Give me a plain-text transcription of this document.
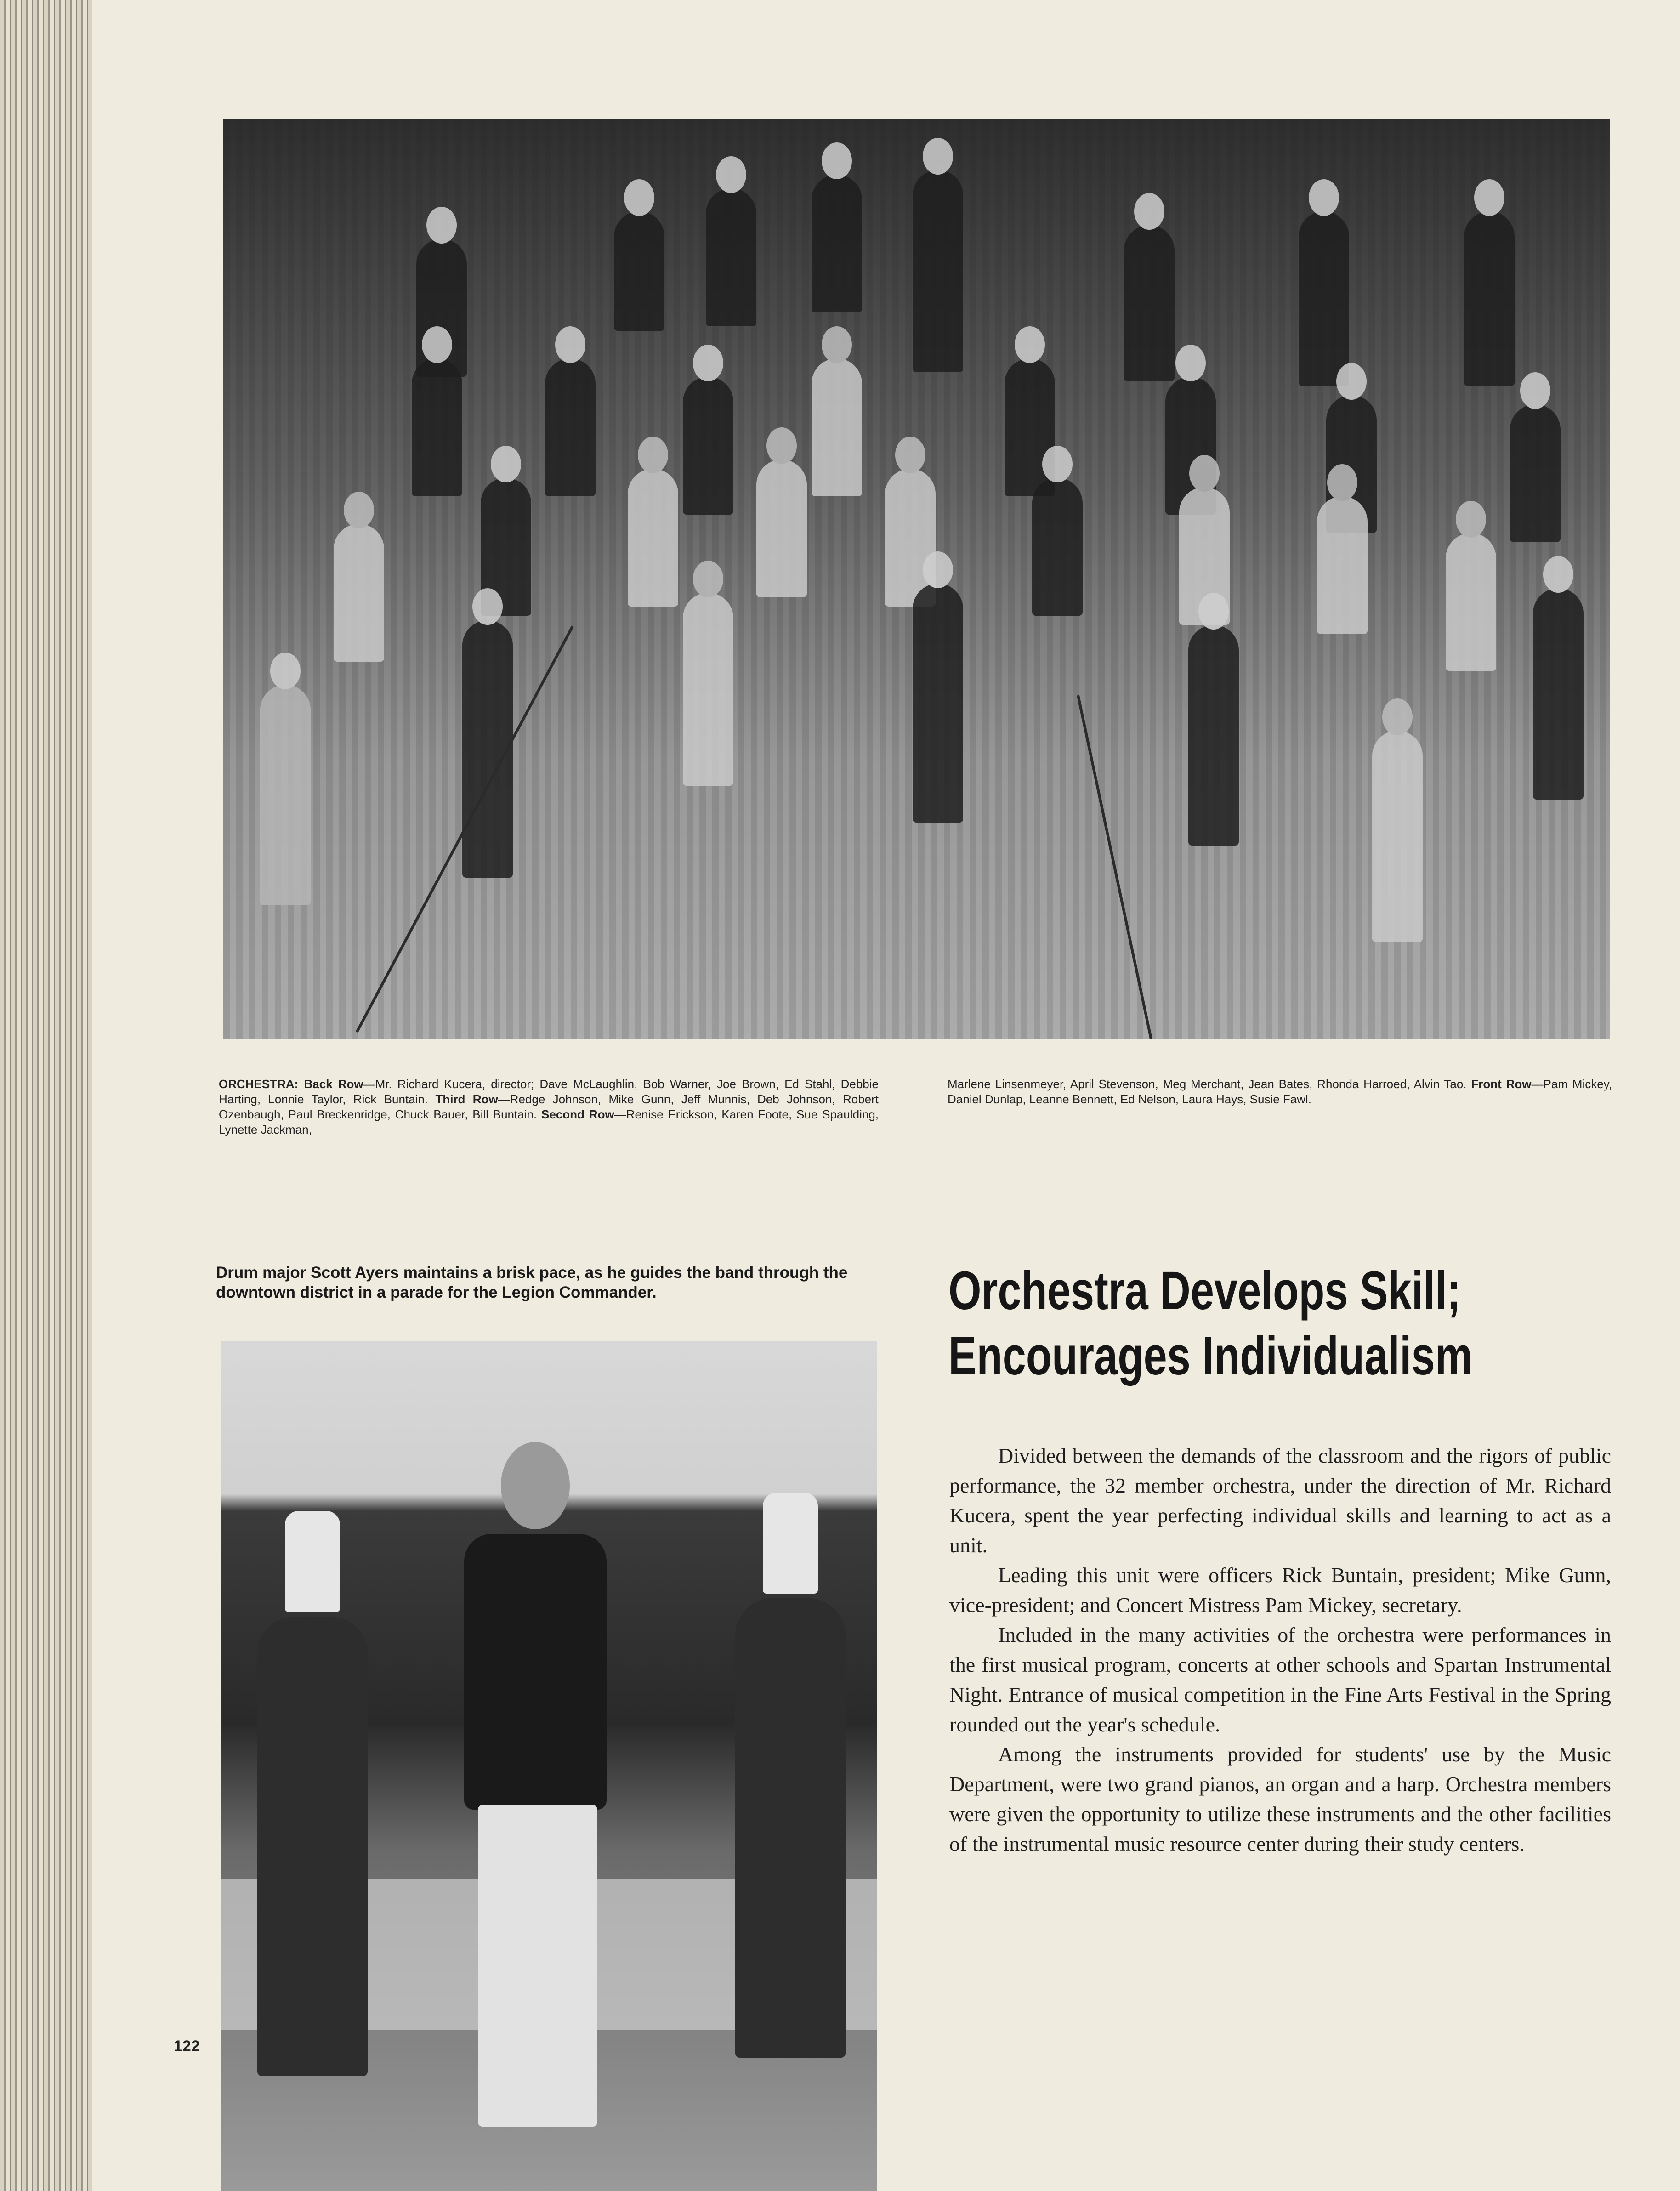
ORCHESTRA: Back Row—Mr. Richard Kucera, director; Dave McLaughlin, Bob Warner, Joe Brown, Ed Stahl, Debbie Harting, Lonnie Taylor, Rick Buntain. Third Row—Redge Johnson, Mike Gunn, Jeff Munnis, Deb Johnson, Robert Ozenbaugh, Paul Breckenridge, Chuck Bauer, Bill Buntain. Second Row—Renise Erickson, Karen Foote, Sue Spaulding, Lynette Jackman,
Marlene Linsenmeyer, April Stevenson, Meg Merchant, Jean Bates, Rhonda Harroed, Alvin Tao. Front Row—Pam Mickey, Daniel Dunlap, Leanne Bennett, Ed Nelson, Laura Hays, Susie Fawl.
Drum major Scott Ayers maintains a brisk pace, as he guides the band through the downtown district in a parade for the Legion Commander.	Orchestra Develops Skill;
Encourages Individualism

Divided between the demands of the classroom and the rigors of public performance, the 32 member orchestra, under the direction of Mr. Richard Kucera, spent the year perfecting individual skills and learning to act as a unit.

Leading this unit were officers Rick Buntain, president; Mike Gunn, vice-president; and Concert Mistress Pam Mickey, secretary.

Included in the many activities of the orchestra were performances in the first musical program, concerts at other schools and Spartan Instrumental Night. Entrance of musical competition in the Fine Arts Festival in the Spring rounded out the year's schedule.

Among the instruments provided for students' use by the Music Department, were two grand pianos, an organ and a harp. Orchestra members were given the opportunity to utilize these instruments and the other facilities of the instrumental music resource center during their study centers.

122
